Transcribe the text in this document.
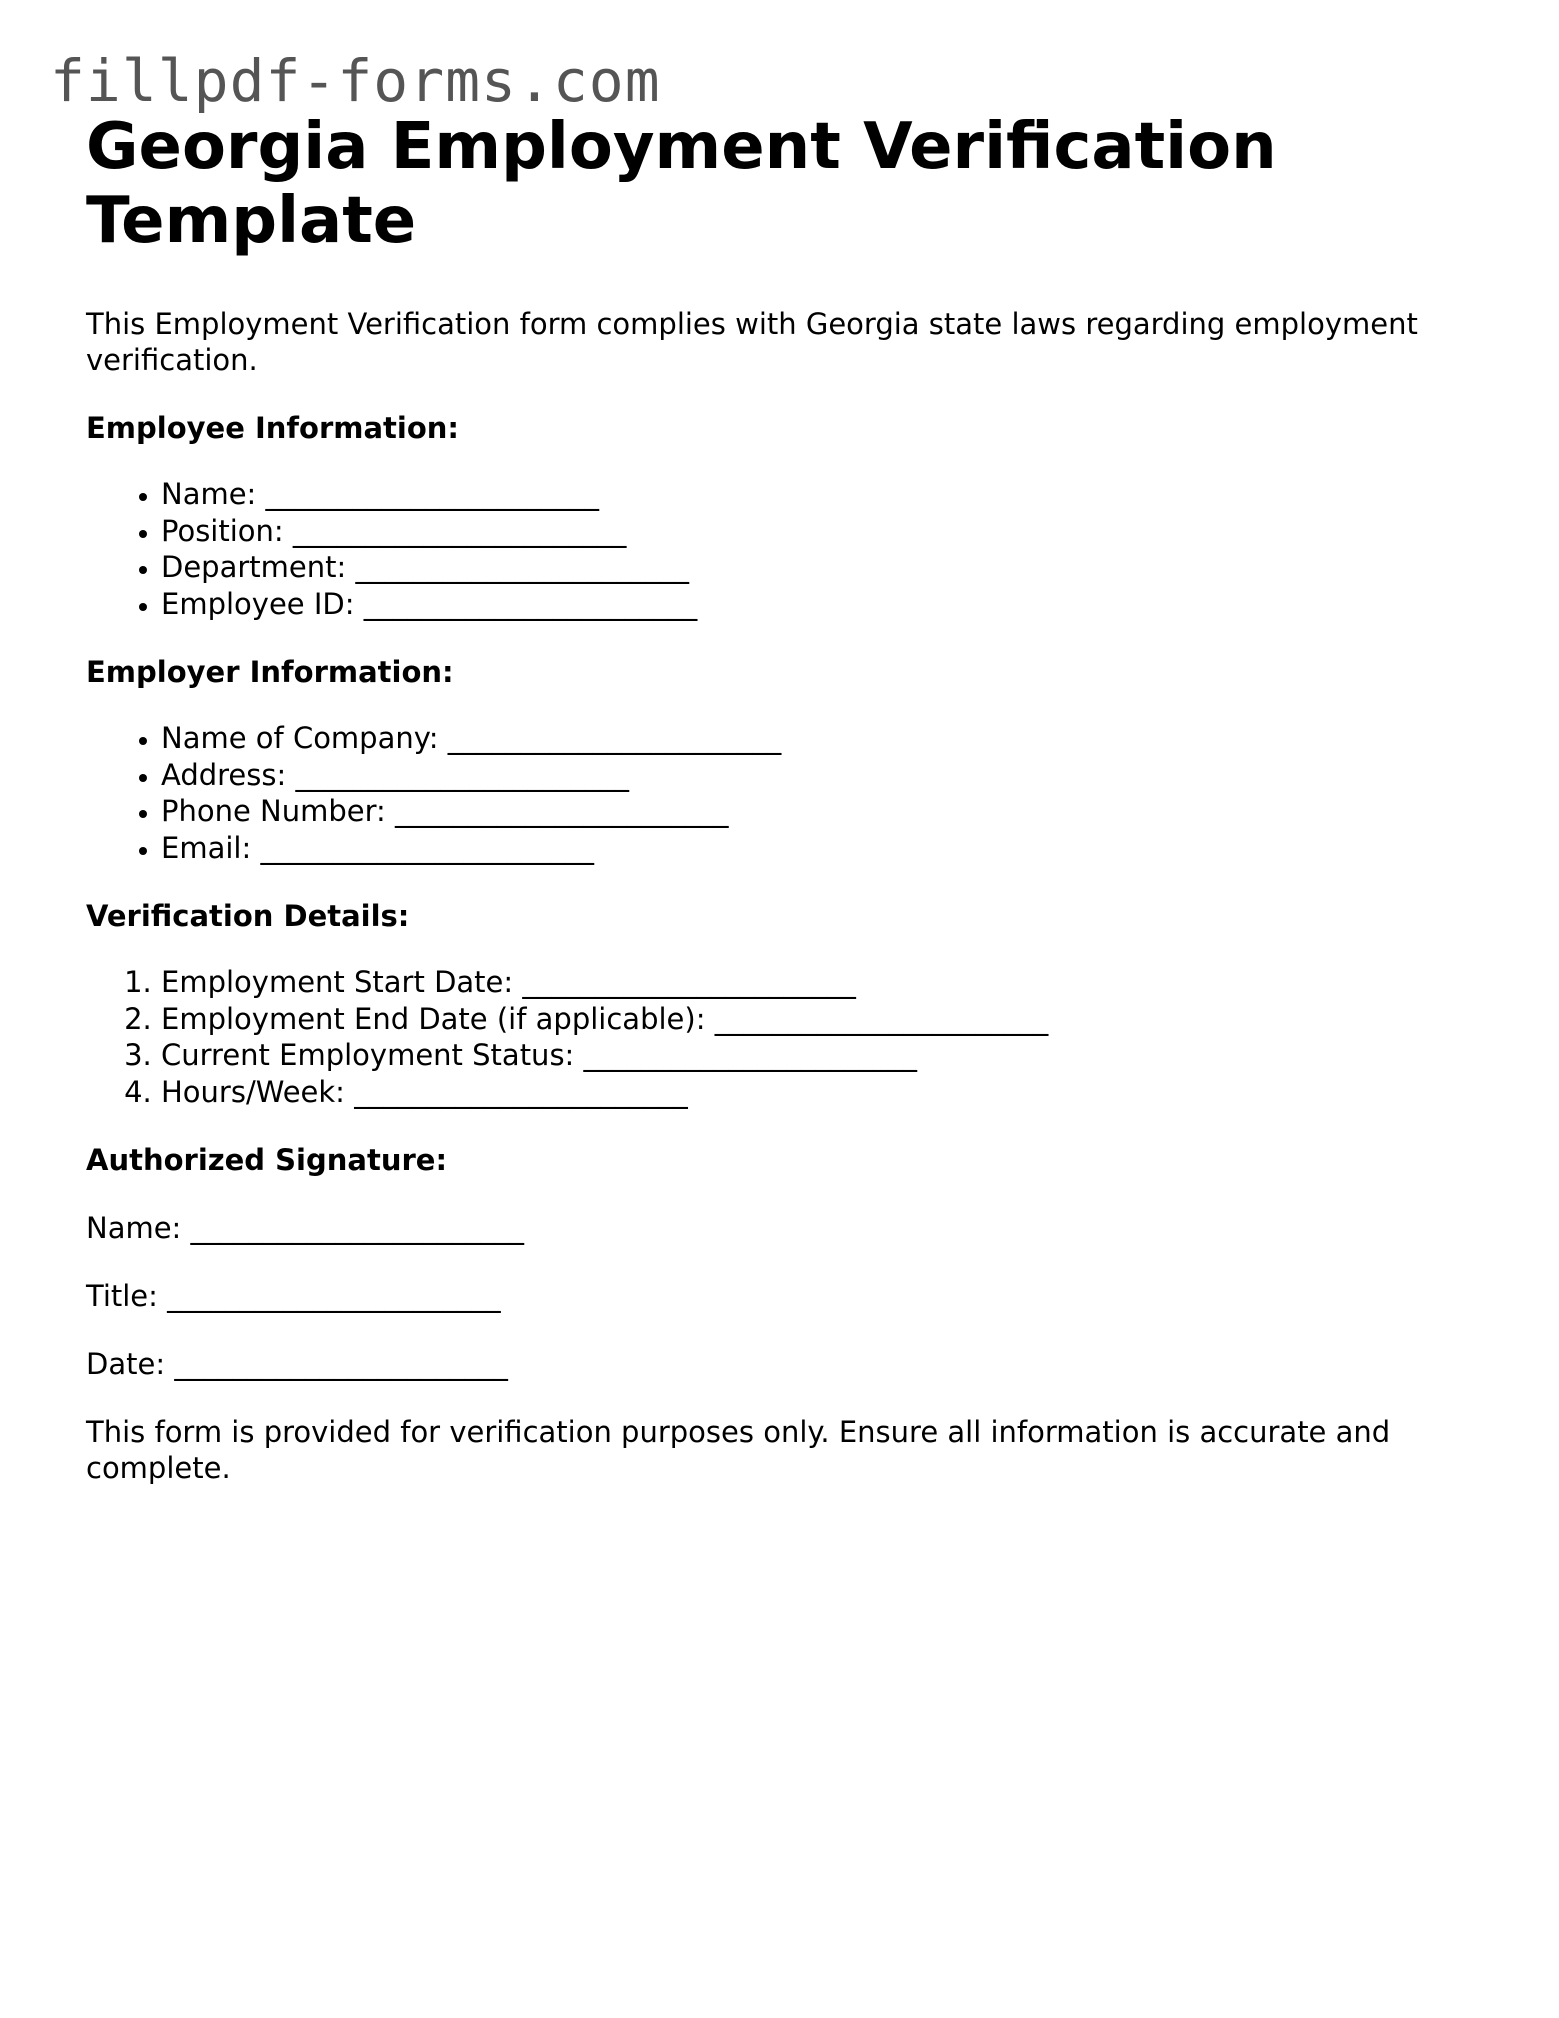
fillpdf-forms.com
Georgia Employment Verification Template

This Employment Verification form complies with Georgia state laws regarding employment verification.

Employee Information:

• Name: _______________________
• Position: _______________________
• Department: _______________________
• Employee ID: _______________________

Employer Information:

• Name of Company: _______________________
• Address: _______________________
• Phone Number: _______________________
• Email: _______________________

Verification Details:

1. Employment Start Date: _______________________
2. Employment End Date (if applicable): _______________________
3. Current Employment Status: _______________________
4. Hours/Week: _______________________

Authorized Signature:

Name: _______________________

Title: _______________________

Date: _______________________

This form is provided for verification purposes only. Ensure all information is accurate and complete.
